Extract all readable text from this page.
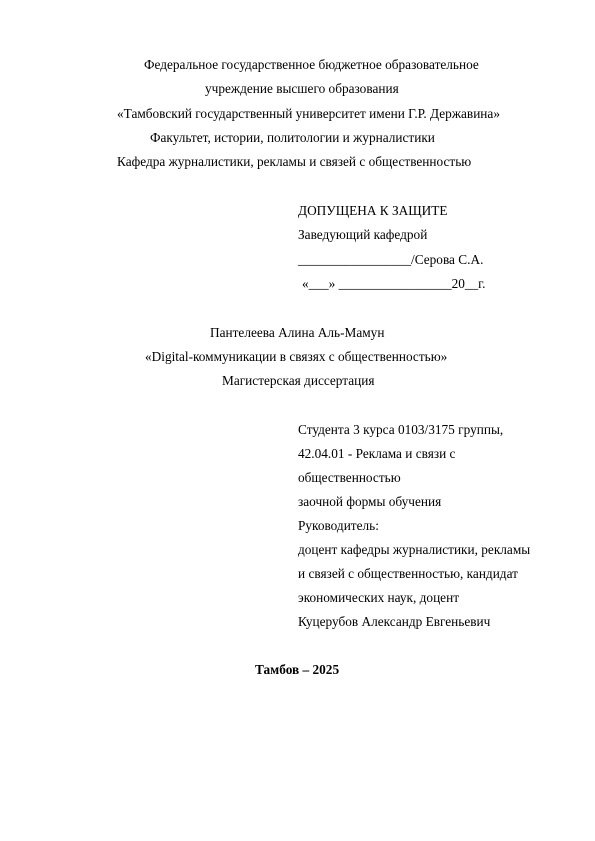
Федеральное государственное бюджетное образовательное
учреждение высшего образования
«Тамбовский государственный университет имени Г.Р. Державина»
Факультет, истории, политологии и журналистики
Кафедра журналистики, рекламы и связей с общественностью
ДОПУЩЕНА К ЗАЩИТЕ
Заведующий кафедрой
_________________/Серова С.А.
«___» _________________20__г.
Пантелеева Алина Аль-Мамун
«Digital-коммуникации в связях с общественностью»
Магистерская диссертация
Студента 3 курса 0103/3175 группы,
42.04.01 - Реклама и связи с
общественностью
заочной формы обучения
Руководитель:
доцент кафедры журналистики, рекламы
и связей с общественностью, кандидат
экономических наук, доцент
Куцерубов Александр Евгеньевич
Тамбов – 2025
